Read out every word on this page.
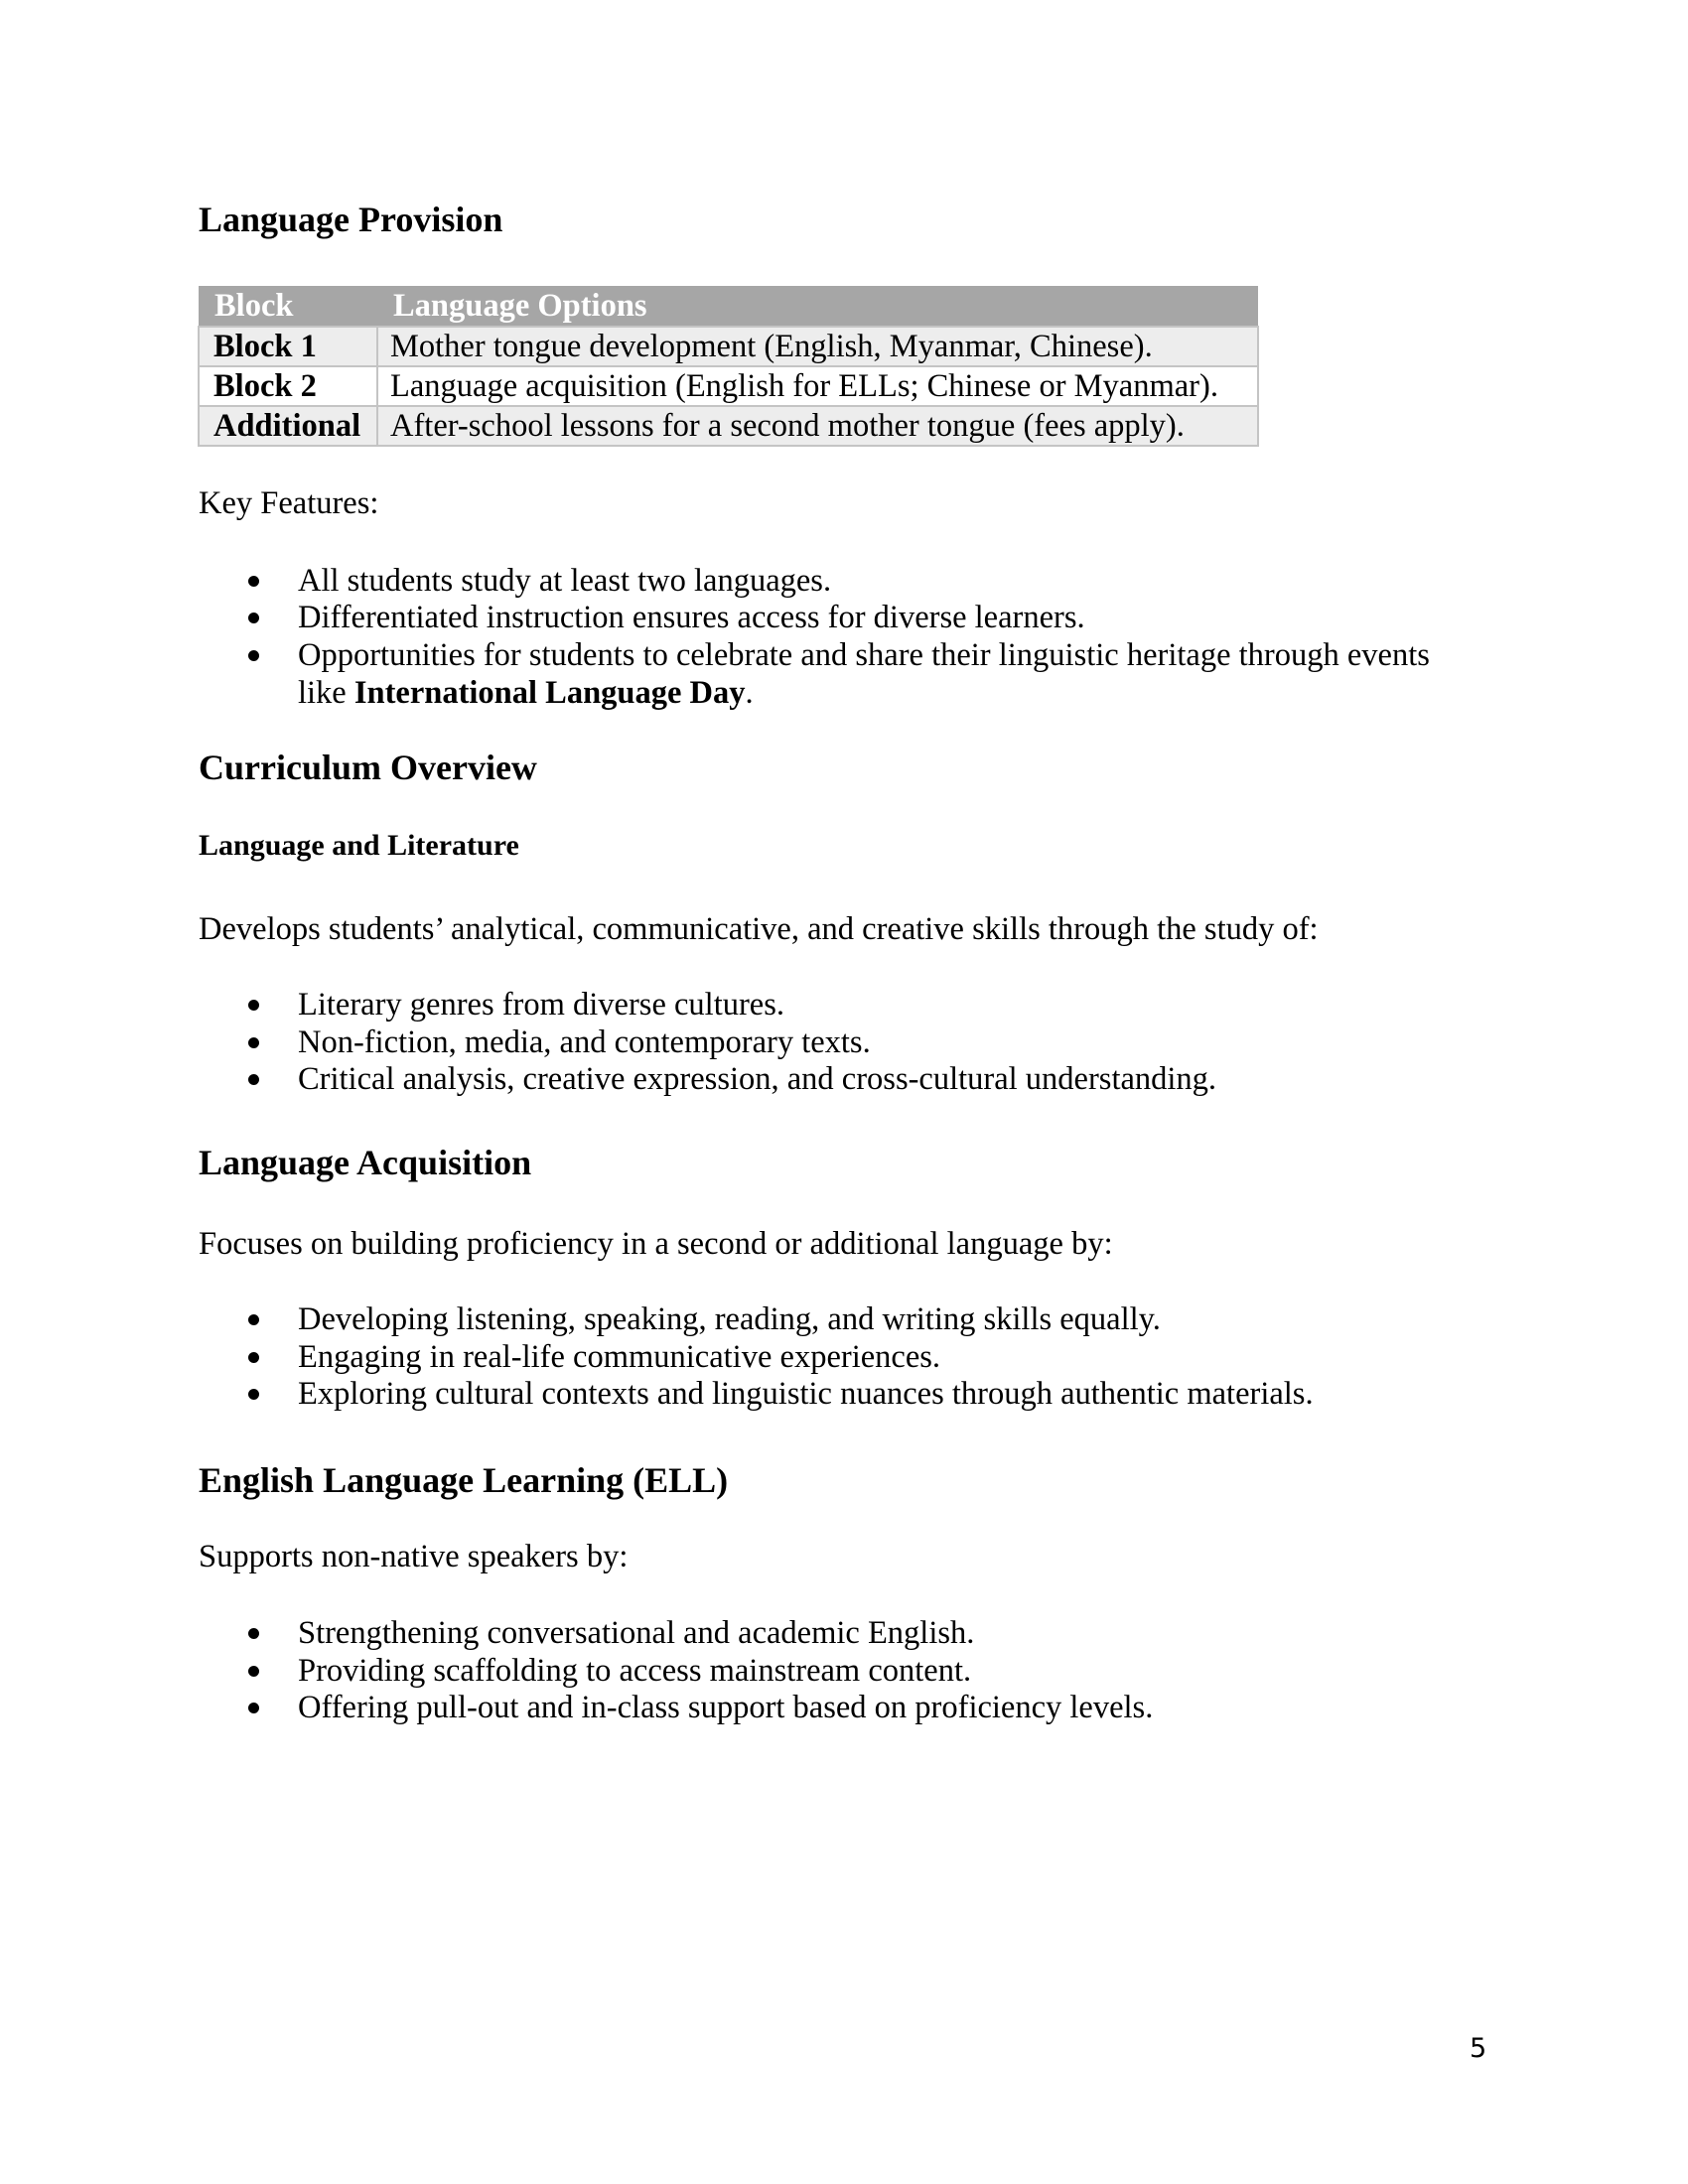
Language Provision
Block	Language Options
Block 1	Mother tongue development (English, Myanmar, Chinese).
Block 2	Language acquisition (English for ELLs; Chinese or Myanmar).
Additional	After-school lessons for a second mother tongue (fees apply).
Key Features:
All students study at least two languages.
Differentiated instruction ensures access for diverse learners.
Opportunities for students to celebrate and share their linguistic heritage through events
like International Language Day.
Curriculum Overview
Language and Literature
Develops students’ analytical, communicative, and creative skills through the study of:
Literary genres from diverse cultures.
Non-fiction, media, and contemporary texts.
Critical analysis, creative expression, and cross-cultural understanding.
Language Acquisition
Focuses on building proficiency in a second or additional language by:
Developing listening, speaking, reading, and writing skills equally.
Engaging in real-life communicative experiences.
Exploring cultural contexts and linguistic nuances through authentic materials.
English Language Learning (ELL)
Supports non-native speakers by:
Strengthening conversational and academic English.
Providing scaffolding to access mainstream content.
Offering pull-out and in-class support based on proficiency levels.
5
